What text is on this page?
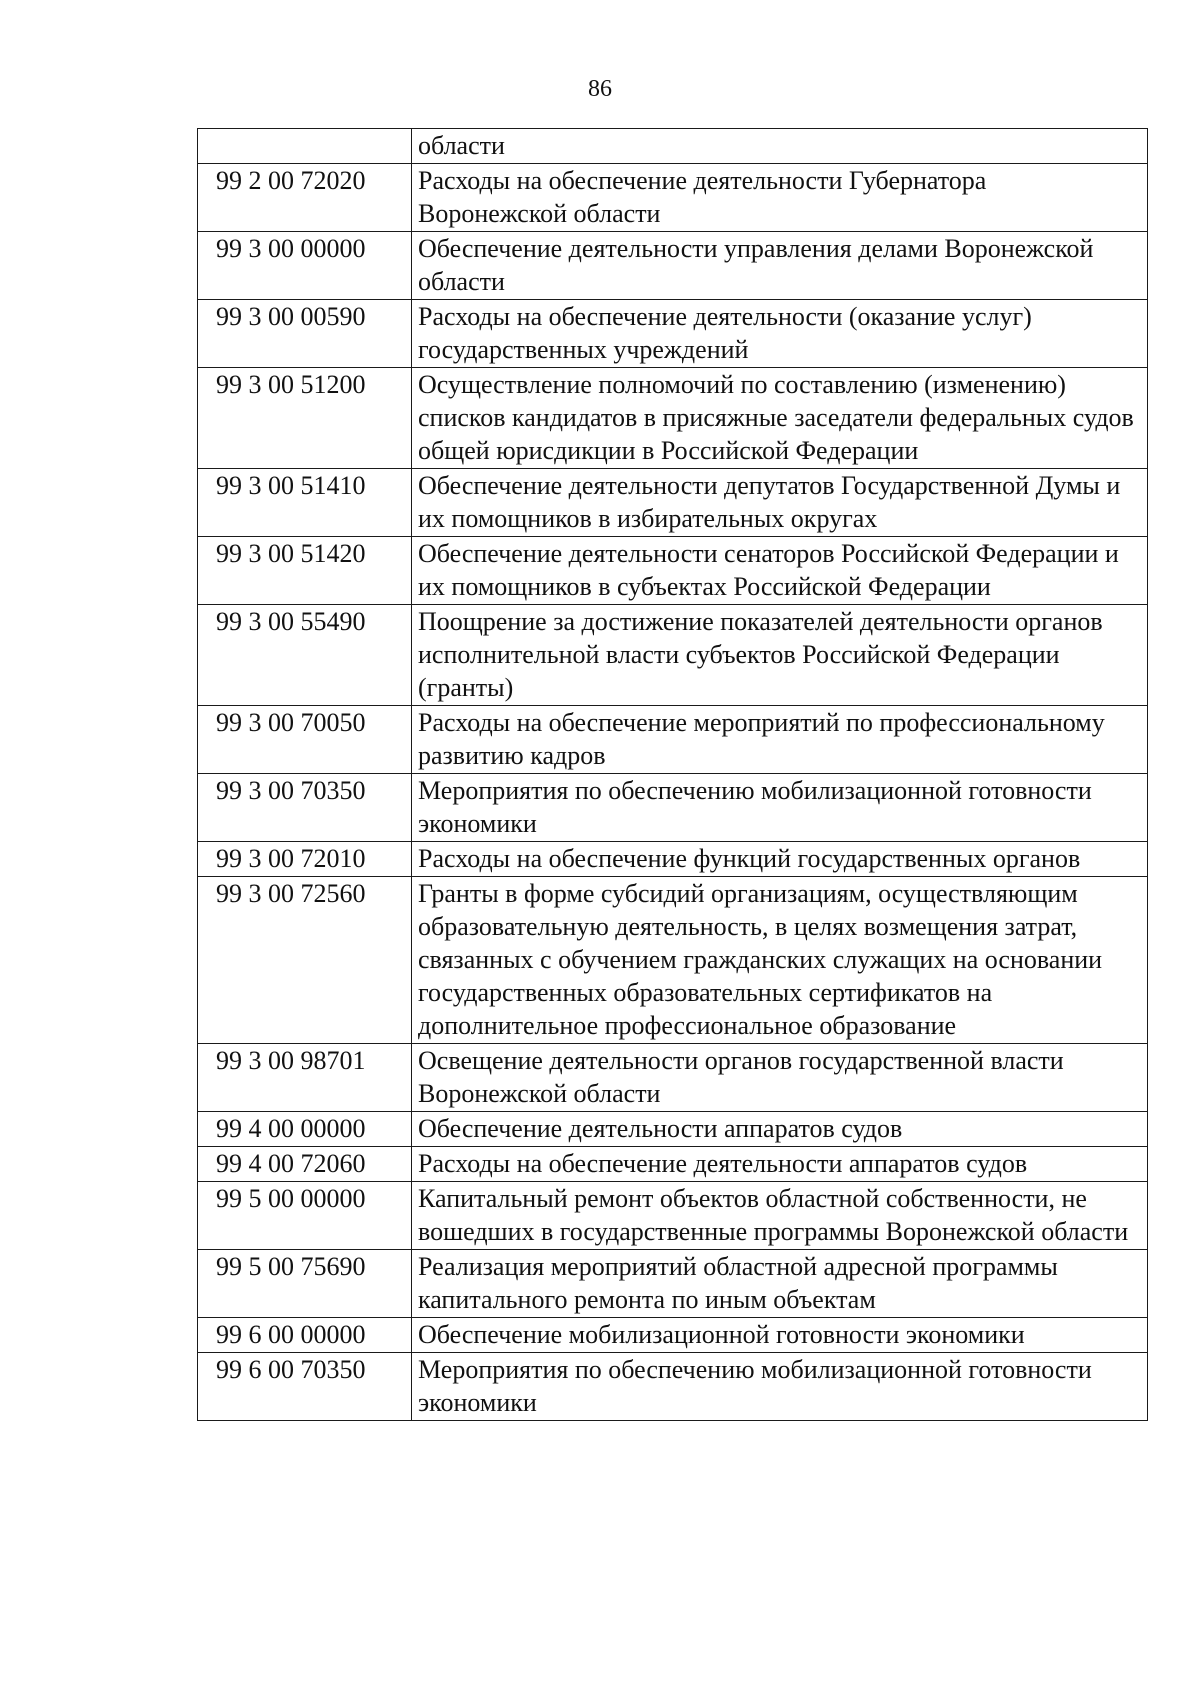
86
	области
99 2 00 72020	Расходы на обеспечение деятельности Губернатора Воронежской области
99 3 00 00000	Обеспечение деятельности управления делами Воронежской области
99 3 00 00590	Расходы на обеспечение деятельности (оказание услуг) государственных учреждений
99 3 00 51200	Осуществление полномочий по составлению (изменению) списков кандидатов в присяжные заседатели федеральных судов общей юрисдикции в Российской Федерации
99 3 00 51410	Обеспечение деятельности депутатов Государственной Думы и их помощников в избирательных округах
99 3 00 51420	Обеспечение деятельности сенаторов Российской Федерации и их помощников в субъектах Российской Федерации
99 3 00 55490	Поощрение за достижение показателей деятельности органов исполнительной власти субъектов Российской Федерации (гранты)
99 3 00 70050	Расходы на обеспечение мероприятий по профессиональному развитию кадров
99 3 00 70350	Мероприятия по обеспечению мобилизационной готовности экономики
99 3 00 72010	Расходы на обеспечение функций государственных органов
99 3 00 72560	Гранты в форме субсидий организациям, осуществляющим образовательную деятельность, в целях возмещения затрат, связанных с обучением гражданских служащих на основании государственных образовательных сертификатов на дополнительное профессиональное образование
99 3 00 98701	Освещение деятельности органов государственной власти Воронежской области
99 4 00 00000	Обеспечение деятельности аппаратов судов
99 4 00 72060	Расходы на обеспечение деятельности аппаратов судов
99 5 00 00000	Капитальный ремонт объектов областной собственности, не вошедших в государственные программы Воронежской области
99 5 00 75690	Реализация мероприятий областной адресной программы капитального ремонта по иным объектам
99 6 00 00000	Обеспечение мобилизационной готовности экономики
99 6 00 70350	Мероприятия по обеспечению мобилизационной готовности экономики
